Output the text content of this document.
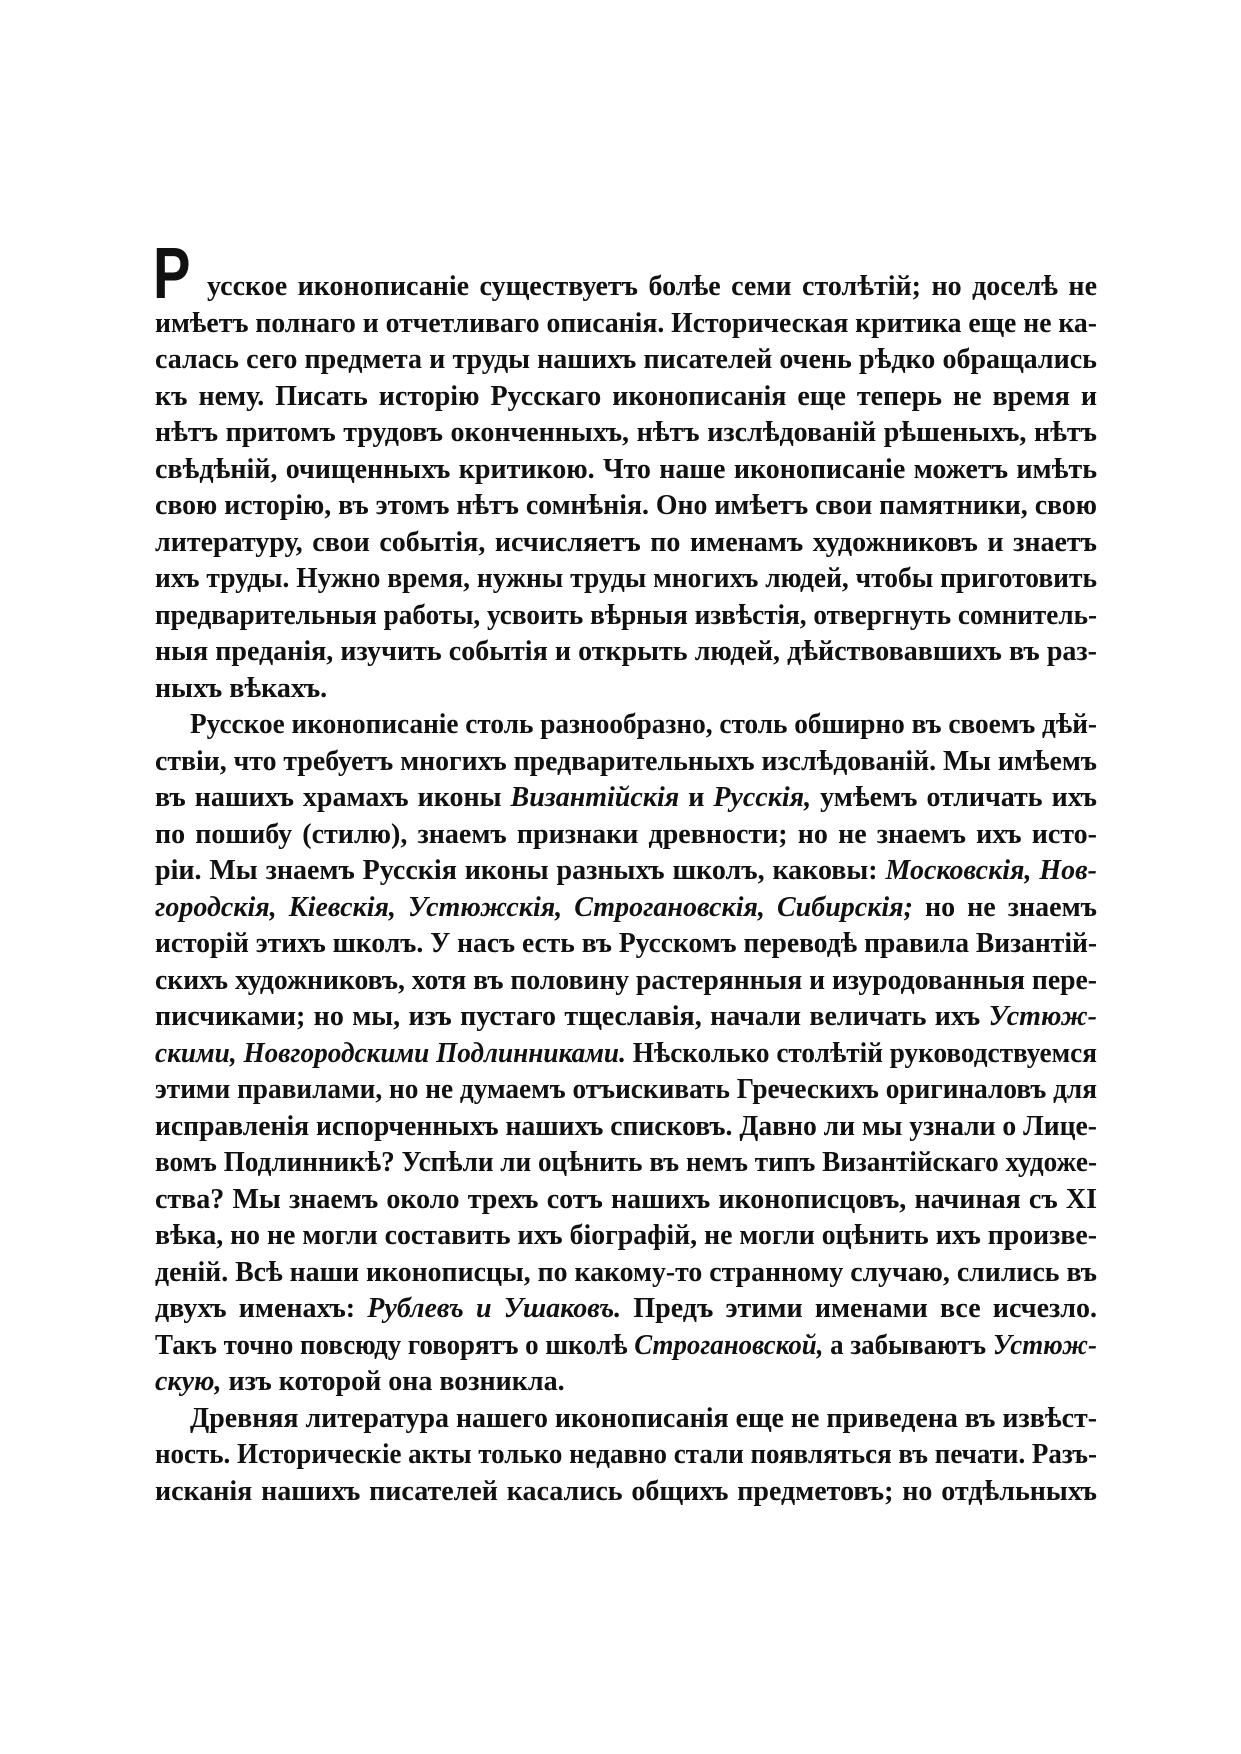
Р усское иконописаніе существуетъ болѣе семи столѣтій; но доселѣ не
имѣетъ полнаго и отчетливаго описанія. Историческая критика еще не ка-
салась сего предмета и труды нашихъ писателей очень рѣдко обращались
къ нему. Писать исторію Русскаго иконописанія еще теперь не время и
нѣтъ притомъ трудовъ оконченныхъ, нѣтъ изслѣдованій рѣшеныхъ, нѣтъ
свѣдѣній, очищенныхъ критикою. Что наше иконописаніе можетъ имѣть
свою исторію, въ этомъ нѣтъ сомнѣнія. Оно имѣетъ свои памятники, свою
литературу, свои событія, исчисляетъ по именамъ художниковъ и знаетъ
ихъ труды. Нужно время, нужны труды многихъ людей, чтобы приготовить
предварительныя работы, усвоить вѣрныя извѣстія, отвергнуть сомнитель-
ныя преданія, изучить событія и открыть людей, дѣйствовавшихъ въ раз-
ныхъ вѣкахъ.
Русское иконописаніе столь разнообразно, столь обширно въ своемъ дѣй-
ствіи, что требуетъ многихъ предварительныхъ изслѣдованій. Мы имѣемъ
въ нашихъ храмахъ иконы Византійскія и Русскія, умѣемъ отличать ихъ
по пошибу (стилю), знаемъ признаки древности; но не знаемъ ихъ исто-
ріи. Мы знаемъ Русскія иконы разныхъ школъ, каковы: Московскія, Нов-
городскія, Кіевскія, Устюжскія, Строгановскія, Сибирскія; но не знаемъ
исторій этихъ школъ. У насъ есть въ Русскомъ переводѣ правила Византій-
скихъ художниковъ, хотя въ половину растерянныя и изуродованныя пере-
писчиками; но мы, изъ пустаго тщеславія, начали величать ихъ Устюж-
скими, Новгородскими Подлинниками. Нѣсколько столѣтій руководствуемся
этими правилами, но не думаемъ отъискивать Греческихъ оригиналовъ для
исправленія испорченныхъ нашихъ списковъ. Давно ли мы узнали о Лице-
вомъ Подлинникѣ? Успѣли ли оцѣнить въ немъ типъ Византійскаго художе-
ства? Мы знаемъ около трехъ сотъ нашихъ иконописцовъ, начиная съ XI
вѣка, но не могли составить ихъ біографій, не могли оцѣнить ихъ произве-
деній. Всѣ наши иконописцы, по какому-то странному случаю, слились въ
двухъ именахъ: Рублевъ и Ушаковъ. Предъ этими именами все исчезло.
Такъ точно повсюду говорятъ о школѣ Строгановской, а забываютъ Устюж-
скую, изъ которой она возникла.
Древняя литература нашего иконописанія еще не приведена въ извѣст-
ность. Историческіе акты только недавно стали появляться въ печати. Разъ-
исканія нашихъ писателей касались общихъ предметовъ; но отдѣльныхъ
